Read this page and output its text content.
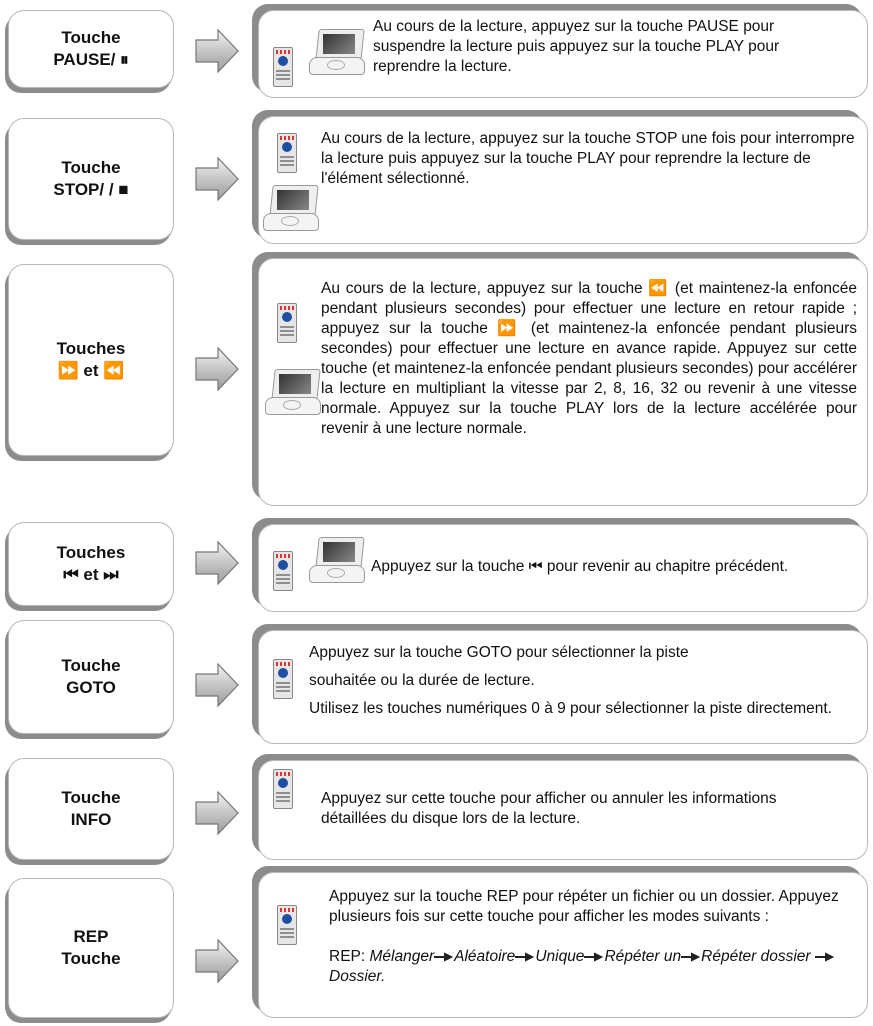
Touche
PAUSE/ ⏸
Au cours de la lecture, appuyez sur la touche PAUSE pour suspendre la lecture puis appuyez sur la touche PLAY pour reprendre la lecture.
Touche
STOP/ / ■
Au cours de la lecture, appuyez sur la touche STOP une fois pour interrompre la lecture puis appuyez sur la touche PLAY pour reprendre la lecture de l'élément sélectionné.
Touches
⏩ et ⏪
Au cours de la lecture, appuyez sur la touche ⏪ (et maintenez-la enfoncée pendant plusieurs secondes) pour effectuer une lecture en retour rapide ; appuyez sur la touche ⏩ (et maintenez-la enfoncée pendant plusieurs secondes) pour effectuer une lecture en avance rapide. Appuyez sur cette touche (et maintenez-la enfoncée pendant plusieurs secondes) pour accélérer la lecture en multipliant la vitesse par 2, 8, 16, 32 ou revenir à une vitesse normale. Appuyez sur la touche PLAY lors de la lecture accélérée pour revenir à une lecture normale.
Touches
⏮ et ⏭	Appuyez sur la touche ⏮ pour revenir au chapitre précédent.
Touche
GOTO
Appuyez sur la touche GOTO pour sélectionner la piste souhaitée ou la durée de lecture.
Utilisez les touches numériques 0 à 9 pour sélectionner la piste directement.
Touche
INFO
Appuyez sur cette touche pour afficher ou annuler les informations détaillées du disque lors de la lecture.
REP
Touche
Appuyez sur la touche REP pour répéter un fichier ou un dossier. Appuyez plusieurs fois sur cette touche pour afficher les modes suivants :
REP: Mélanger Aléatoire Unique Répéter un Répéter dossier Dossier.
